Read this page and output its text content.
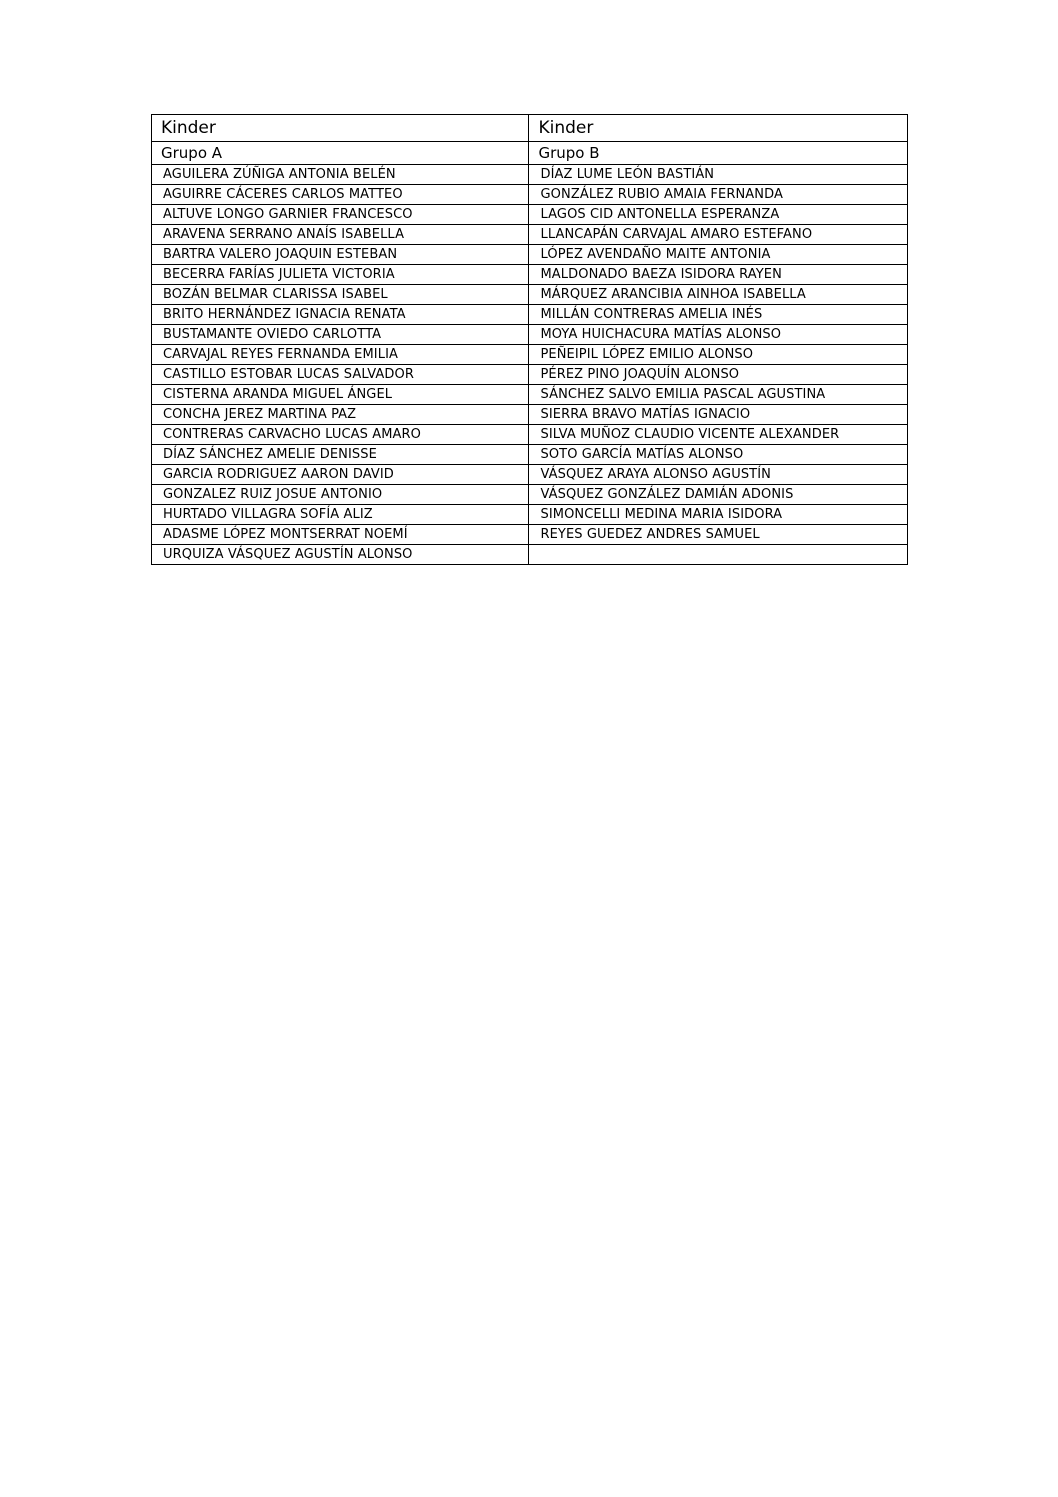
Kinder	Kinder
Grupo A	Grupo B
AGUILERA ZÚÑIGA ANTONIA BELÉN	DÍAZ LUME LEÓN BASTIÁN
AGUIRRE CÁCERES CARLOS MATTEO	GONZÁLEZ RUBIO AMAIA FERNANDA
ALTUVE LONGO GARNIER FRANCESCO	LAGOS CID ANTONELLA ESPERANZA
ARAVENA SERRANO ANAÍS ISABELLA	LLANCAPÁN CARVAJAL AMARO ESTEFANO
BARTRA VALERO JOAQUIN ESTEBAN	LÓPEZ AVENDAÑO MAITE ANTONIA
BECERRA FARÍAS JULIETA VICTORIA	MALDONADO BAEZA ISIDORA RAYEN
BOZÁN BELMAR CLARISSA ISABEL	MÁRQUEZ ARANCIBIA AINHOA ISABELLA
BRITO HERNÁNDEZ IGNACIA RENATA	MILLÁN CONTRERAS AMELIA INÉS
BUSTAMANTE OVIEDO CARLOTTA	MOYA HUICHACURA MATÍAS ALONSO
CARVAJAL REYES FERNANDA EMILIA	PEÑEIPIL LÓPEZ EMILIO ALONSO
CASTILLO ESTOBAR LUCAS SALVADOR	PÉREZ PINO JOAQUÍN ALONSO
CISTERNA ARANDA MIGUEL ÁNGEL	SÁNCHEZ SALVO EMILIA PASCAL AGUSTINA
CONCHA JEREZ MARTINA PAZ	SIERRA BRAVO MATÍAS IGNACIO
CONTRERAS CARVACHO LUCAS AMARO	SILVA MUÑOZ CLAUDIO VICENTE ALEXANDER
DÍAZ SÁNCHEZ AMELIE DENISSE	SOTO GARCÍA MATÍAS ALONSO
GARCIA RODRIGUEZ AARON DAVID	VÁSQUEZ ARAYA ALONSO AGUSTÍN
GONZALEZ RUIZ JOSUE ANTONIO	VÁSQUEZ GONZÁLEZ DAMIÁN ADONIS
HURTADO VILLAGRA SOFÍA ALIZ	SIMONCELLI MEDINA MARIA ISIDORA
ADASME LÓPEZ MONTSERRAT NOEMÍ	REYES GUEDEZ ANDRES SAMUEL
URQUIZA VÁSQUEZ AGUSTÍN ALONSO	
